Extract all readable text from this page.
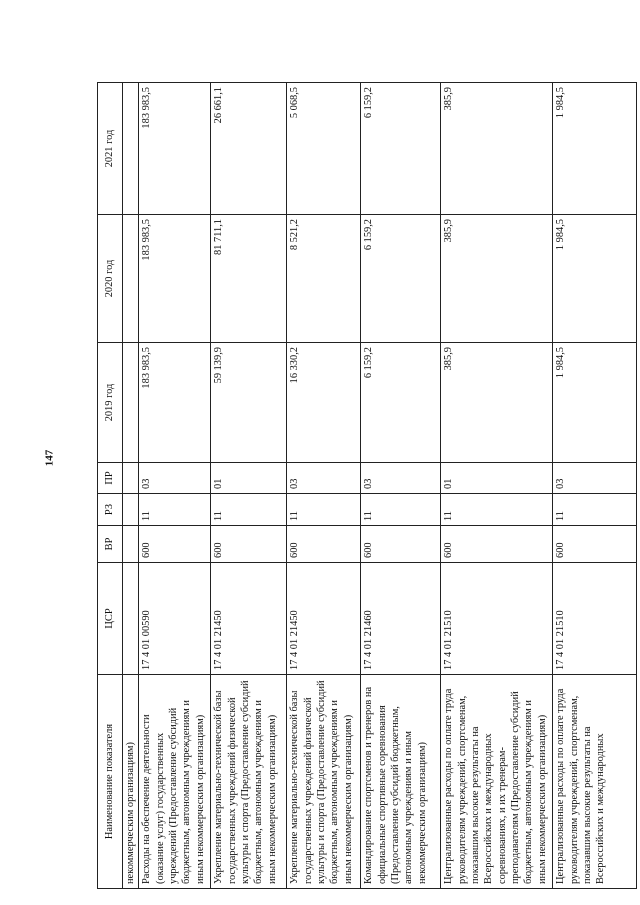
147
Наименование показателя	ЦСР	ВР	РЗ	ПР	2019 год	2020 год	2021 год
некоммерческим организациям)							
Расходы на обеспечение деятельности (оказание услуг) государственных учреждений (Предоставление субсидий бюджетным, автономным учреждениям и иным некоммерческим организациям)	17 4 01 00590	600	11	03	183 983,5	183 983,5	183 983,5
Укрепление материально-технической базы государственных учреждений физической культуры и спорта (Предоставление субсидий бюджетным, автономным учреждениям и иным некоммерческим организациям)	17 4 01 21450	600	11	01	59 139,9	81 711,1	26 661,1
Укрепление материально-технической базы государственных учреждений физической культуры и спорта (Предоставление субсидий бюджетным, автономным учреждениям и иным некоммерческим организациям)	17 4 01 21450	600	11	03	16 330,2	8 521,2	5 068,5
Командирование спортсменов и тренеров на официальные спортивные соревнования (Предоставление субсидий бюджетным, автономным учреждениям и иным некоммерческим организациям)	17 4 01 21460	600	11	03	6 159,2	6 159,2	6 159,2
Централизованные расходы по оплате труда руководителям учреждений, спортсменам, показавшим высокие результаты на Всероссийских и международных соревнованиях, и их тренерам-преподавателям (Предоставление субсидий бюджетным, автономным учреждениям и иным некоммерческим организациям)	17 4 01 21510	600	11	01	385,9	385,9	385,9
Централизованные расходы по оплате труда руководителям учреждений, спортсменам, показавшим высокие результаты на Всероссийских и международных	17 4 01 21510	600	11	03	1 984,5	1 984,5	1 984,5
